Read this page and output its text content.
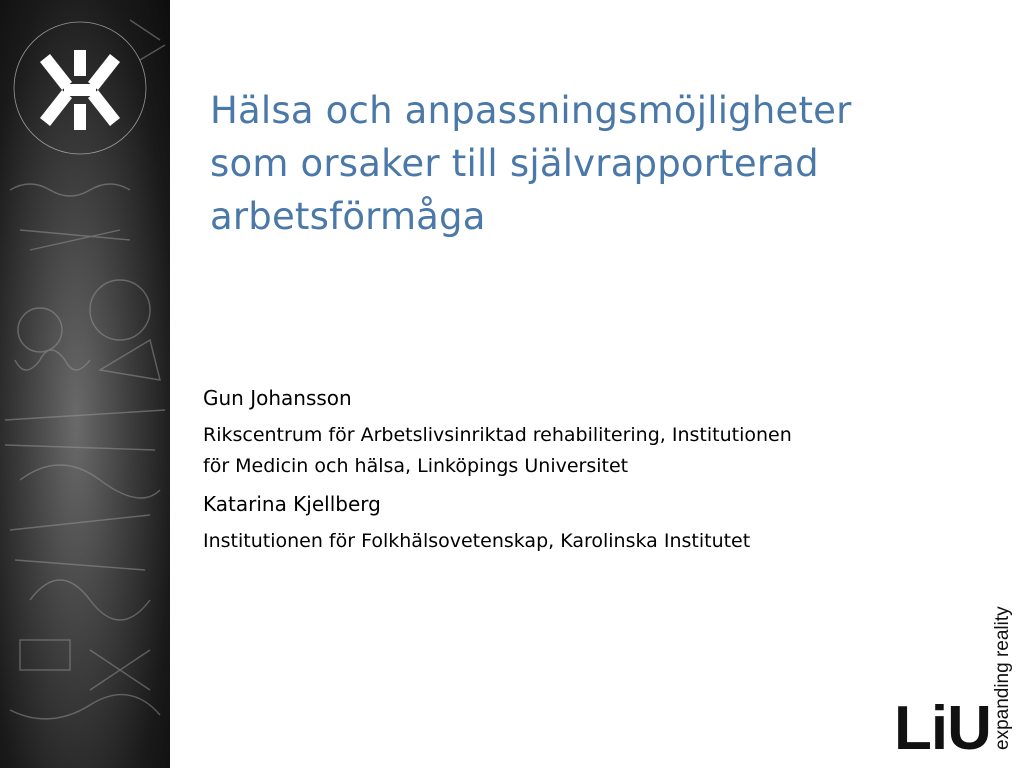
Hälsa och anpassningsmöjligheter
som orsaker till självrapporterad
arbetsförmåga
Gun Johansson
Rikscentrum för Arbetslivsinriktad rehabilitering, Institutionen
för Medicin och hälsa, Linköpings Universitet
Katarina Kjellberg
Institutionen för Folkhälsovetenskap, Karolinska Institutet
LiU expanding reality
